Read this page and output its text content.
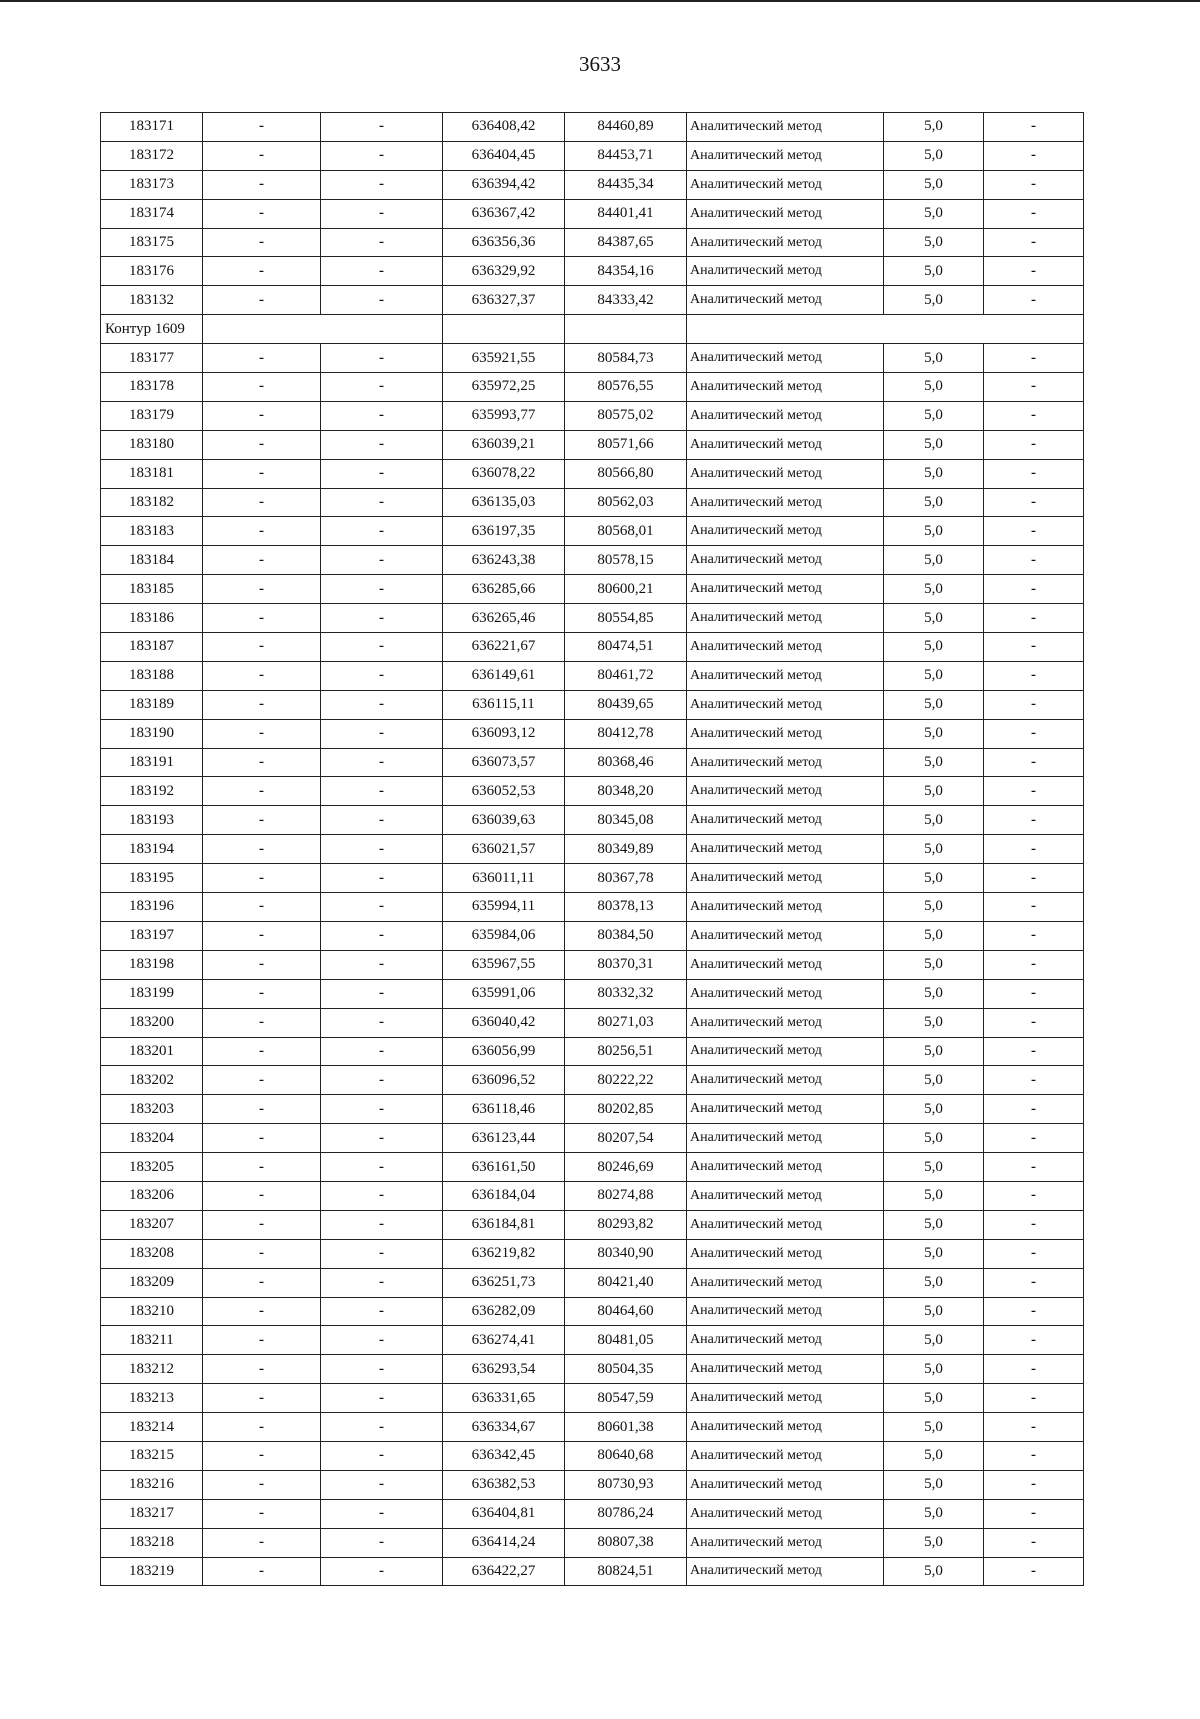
3633
183171	-	-	636408,42	84460,89	Аналитический метод	5,0	-
183172	-	-	636404,45	84453,71	Аналитический метод	5,0	-
183173	-	-	636394,42	84435,34	Аналитический метод	5,0	-
183174	-	-	636367,42	84401,41	Аналитический метод	5,0	-
183175	-	-	636356,36	84387,65	Аналитический метод	5,0	-
183176	-	-	636329,92	84354,16	Аналитический метод	5,0	-
183132	-	-	636327,37	84333,42	Аналитический метод	5,0	-
Контур 1609							
183177	-	-	635921,55	80584,73	Аналитический метод	5,0	-
183178	-	-	635972,25	80576,55	Аналитический метод	5,0	-
183179	-	-	635993,77	80575,02	Аналитический метод	5,0	-
183180	-	-	636039,21	80571,66	Аналитический метод	5,0	-
183181	-	-	636078,22	80566,80	Аналитический метод	5,0	-
183182	-	-	636135,03	80562,03	Аналитический метод	5,0	-
183183	-	-	636197,35	80568,01	Аналитический метод	5,0	-
183184	-	-	636243,38	80578,15	Аналитический метод	5,0	-
183185	-	-	636285,66	80600,21	Аналитический метод	5,0	-
183186	-	-	636265,46	80554,85	Аналитический метод	5,0	-
183187	-	-	636221,67	80474,51	Аналитический метод	5,0	-
183188	-	-	636149,61	80461,72	Аналитический метод	5,0	-
183189	-	-	636115,11	80439,65	Аналитический метод	5,0	-
183190	-	-	636093,12	80412,78	Аналитический метод	5,0	-
183191	-	-	636073,57	80368,46	Аналитический метод	5,0	-
183192	-	-	636052,53	80348,20	Аналитический метод	5,0	-
183193	-	-	636039,63	80345,08	Аналитический метод	5,0	-
183194	-	-	636021,57	80349,89	Аналитический метод	5,0	-
183195	-	-	636011,11	80367,78	Аналитический метод	5,0	-
183196	-	-	635994,11	80378,13	Аналитический метод	5,0	-
183197	-	-	635984,06	80384,50	Аналитический метод	5,0	-
183198	-	-	635967,55	80370,31	Аналитический метод	5,0	-
183199	-	-	635991,06	80332,32	Аналитический метод	5,0	-
183200	-	-	636040,42	80271,03	Аналитический метод	5,0	-
183201	-	-	636056,99	80256,51	Аналитический метод	5,0	-
183202	-	-	636096,52	80222,22	Аналитический метод	5,0	-
183203	-	-	636118,46	80202,85	Аналитический метод	5,0	-
183204	-	-	636123,44	80207,54	Аналитический метод	5,0	-
183205	-	-	636161,50	80246,69	Аналитический метод	5,0	-
183206	-	-	636184,04	80274,88	Аналитический метод	5,0	-
183207	-	-	636184,81	80293,82	Аналитический метод	5,0	-
183208	-	-	636219,82	80340,90	Аналитический метод	5,0	-
183209	-	-	636251,73	80421,40	Аналитический метод	5,0	-
183210	-	-	636282,09	80464,60	Аналитический метод	5,0	-
183211	-	-	636274,41	80481,05	Аналитический метод	5,0	-
183212	-	-	636293,54	80504,35	Аналитический метод	5,0	-
183213	-	-	636331,65	80547,59	Аналитический метод	5,0	-
183214	-	-	636334,67	80601,38	Аналитический метод	5,0	-
183215	-	-	636342,45	80640,68	Аналитический метод	5,0	-
183216	-	-	636382,53	80730,93	Аналитический метод	5,0	-
183217	-	-	636404,81	80786,24	Аналитический метод	5,0	-
183218	-	-	636414,24	80807,38	Аналитический метод	5,0	-
183219	-	-	636422,27	80824,51	Аналитический метод	5,0	-
